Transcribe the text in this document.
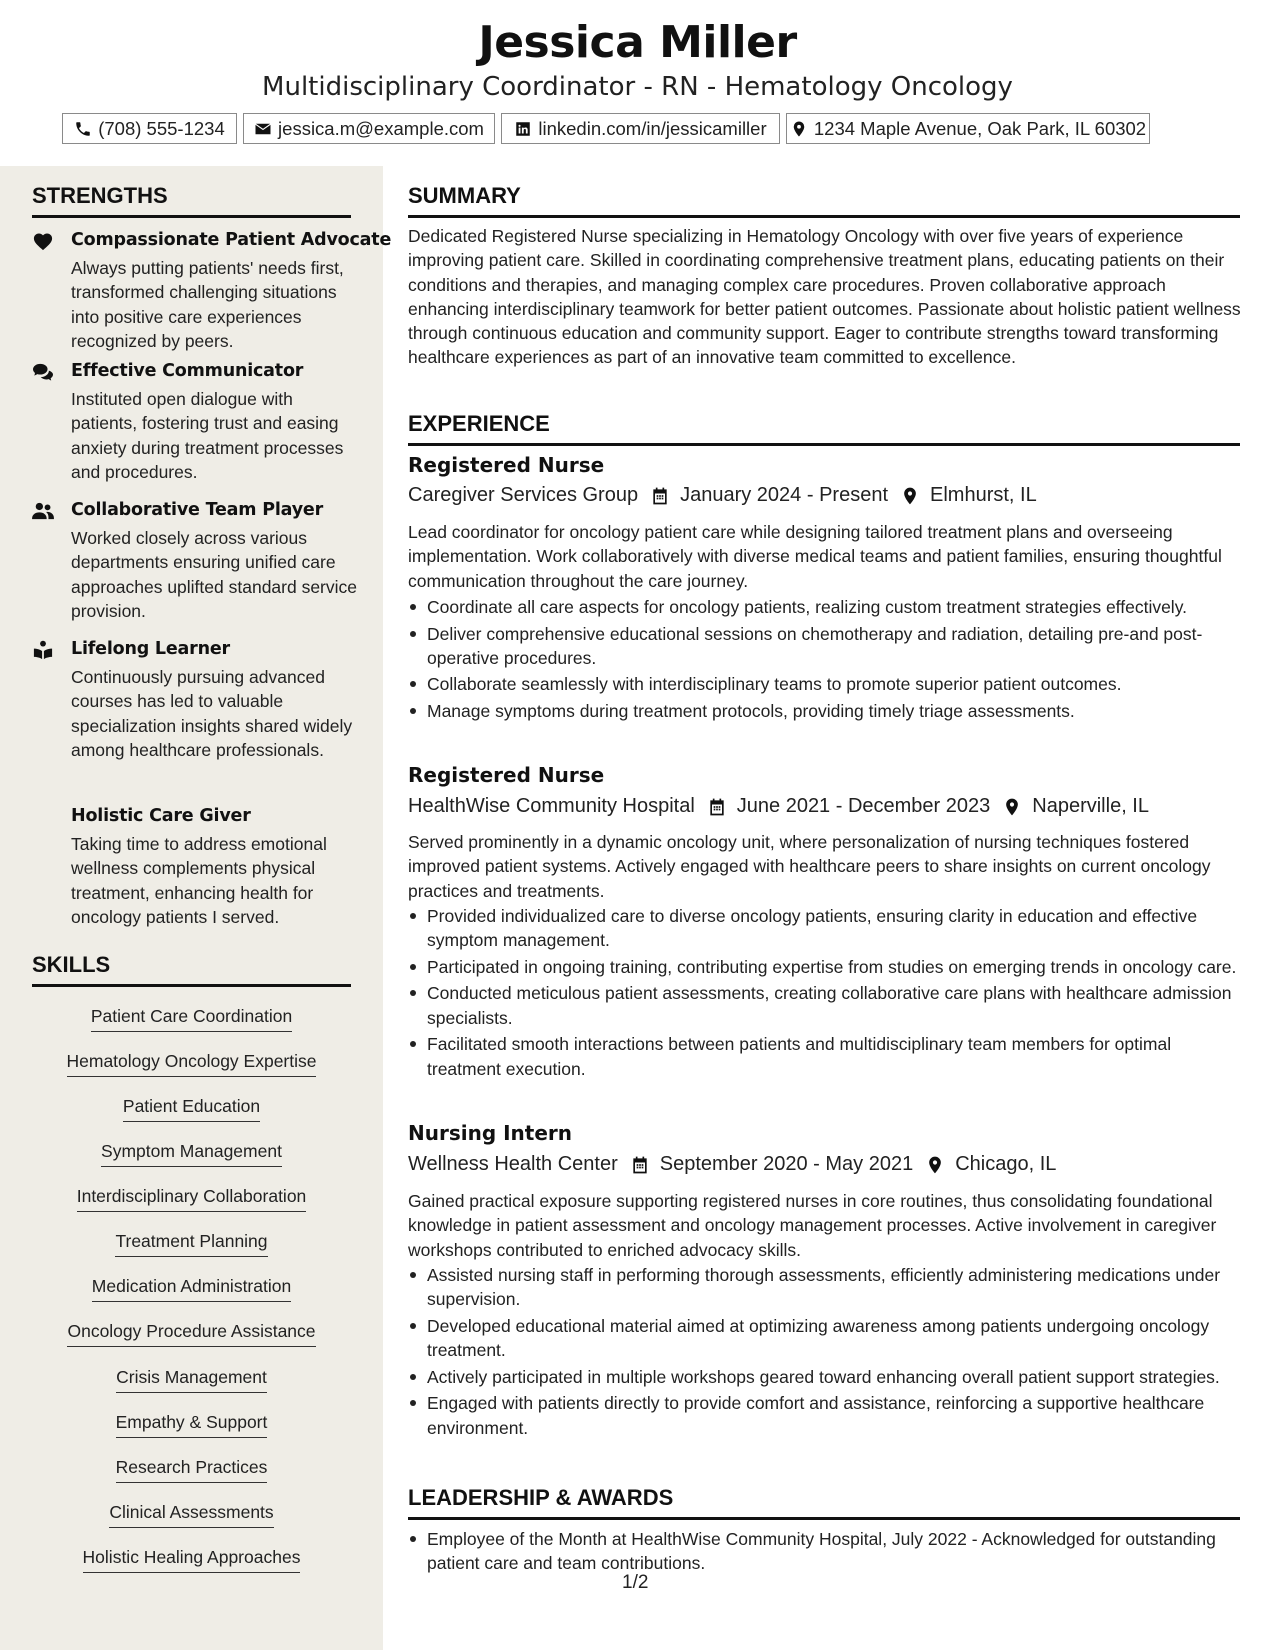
Jessica Miller
Multidisciplinary Coordinator - RN - Hematology Oncology
(708) 555-1234	jessica.m@example.com	linkedin.com/in/jessicamiller	1234 Maple Avenue, Oak Park, IL 60302
STRENGTHS
Compassionate Patient Advocate
Always putting patients' needs first, transformed challenging situations into positive care experiences recognized by peers.
Effective Communicator
Instituted open dialogue with patients, fostering trust and easing anxiety during treatment processes and procedures.
Collaborative Team Player
Worked closely across various departments ensuring unified care approaches uplifted standard service provision.
Lifelong Learner
Continuously pursuing advanced courses has led to valuable specialization insights shared widely among healthcare professionals.
Holistic Care Giver
Taking time to address emotional wellness complements physical treatment, enhancing health for oncology patients I served.
SKILLS
Patient Care Coordination
Hematology Oncology Expertise
Patient Education
Symptom Management
Interdisciplinary Collaboration
Treatment Planning
Medication Administration
Oncology Procedure Assistance
Crisis Management
Empathy & Support
Research Practices
Clinical Assessments
Holistic Healing Approaches
SUMMARY
Dedicated Registered Nurse specializing in Hematology Oncology with over five years of experience improving patient care. Skilled in coordinating comprehensive treatment plans, educating patients on their conditions and therapies, and managing complex care procedures. Proven collaborative approach enhancing interdisciplinary teamwork for better patient outcomes. Passionate about holistic patient wellness through continuous education and community support. Eager to contribute strengths toward transforming healthcare experiences as part of an innovative team committed to excellence.
EXPERIENCE
Registered Nurse
Caregiver Services Group January 2024 - Present Elmhurst, IL
Lead coordinator for oncology patient care while designing tailored treatment plans and overseeing implementation. Work collaboratively with diverse medical teams and patient families, ensuring thoughtful communication throughout the care journey.
Coordinate all care aspects for oncology patients, realizing custom treatment strategies effectively.
Deliver comprehensive educational sessions on chemotherapy and radiation, detailing pre-and post-operative procedures.
Collaborate seamlessly with interdisciplinary teams to promote superior patient outcomes.
Manage symptoms during treatment protocols, providing timely triage assessments.
Registered Nurse
HealthWise Community Hospital June 2021 - December 2023 Naperville, IL
Served prominently in a dynamic oncology unit, where personalization of nursing techniques fostered improved patient systems. Actively engaged with healthcare peers to share insights on current oncology practices and treatments.
Provided individualized care to diverse oncology patients, ensuring clarity in education and effective symptom management.
Participated in ongoing training, contributing expertise from studies on emerging trends in oncology care.
Conducted meticulous patient assessments, creating collaborative care plans with healthcare admission specialists.
Facilitated smooth interactions between patients and multidisciplinary team members for optimal treatment execution.
Nursing Intern
Wellness Health Center September 2020 - May 2021 Chicago, IL
Gained practical exposure supporting registered nurses in core routines, thus consolidating foundational knowledge in patient assessment and oncology management processes. Active involvement in caregiver workshops contributed to enriched advocacy skills.
Assisted nursing staff in performing thorough assessments, efficiently administering medications under supervision.
Developed educational material aimed at optimizing awareness among patients undergoing oncology treatment.
Actively participated in multiple workshops geared toward enhancing overall patient support strategies.
Engaged with patients directly to provide comfort and assistance, reinforcing a supportive healthcare environment.
LEADERSHIP & AWARDS
Employee of the Month at HealthWise Community Hospital, July 2022 - Acknowledged for outstanding patient care and team contributions.
1/2
